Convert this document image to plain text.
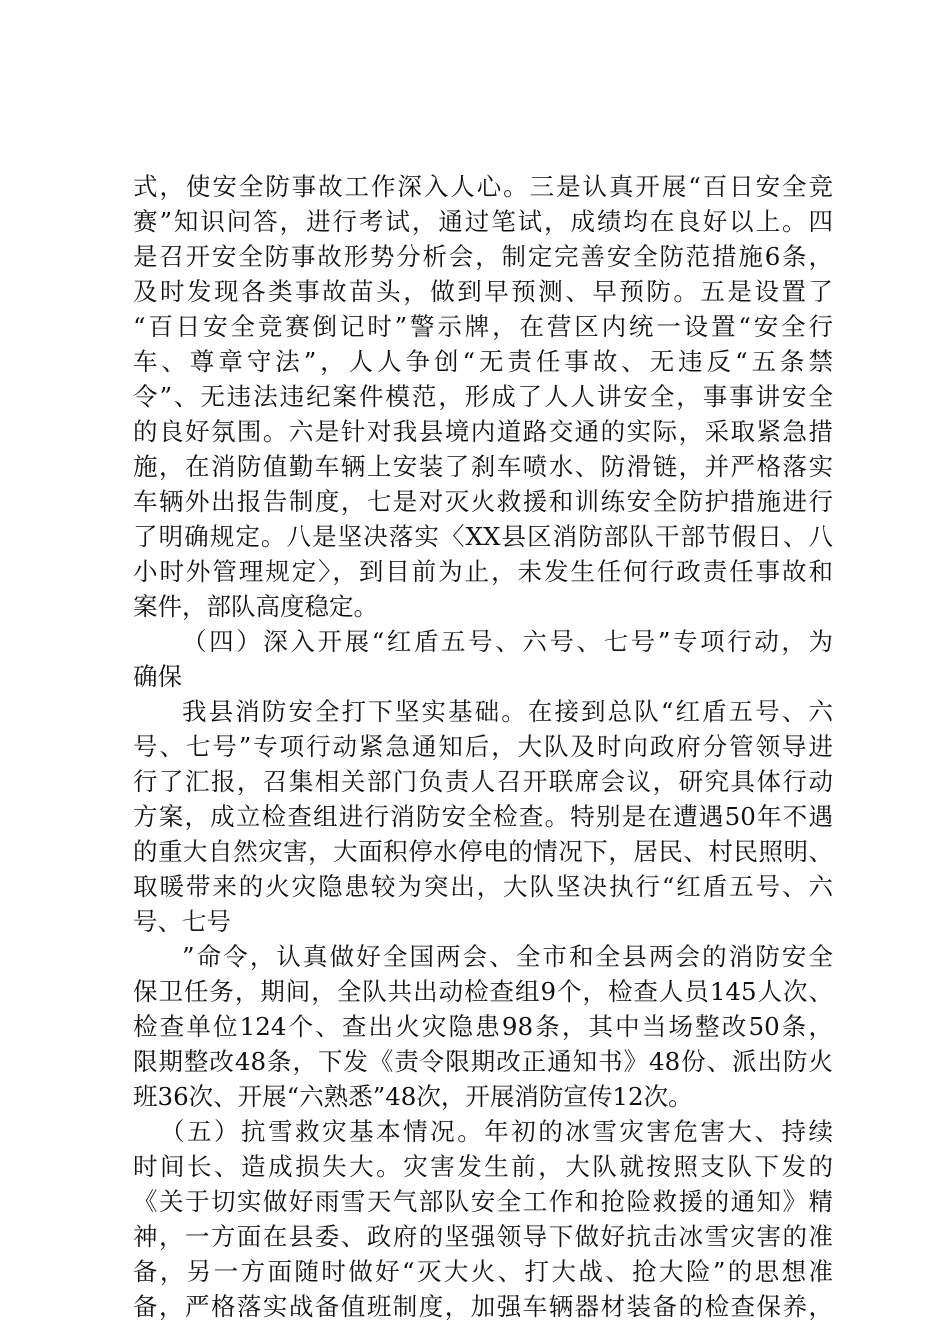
式，使安全防事故工作深入人心。三是认真开展“百日安全竞
赛”知识问答，进行考试，通过笔试，成绩均在良好以上。四
是召开安全防事故形势分析会，制定完善安全防范措施6条，
及时发现各类事故苗头，做到早预测、早预防。五是设置了
“百日安全竞赛倒记时”警示牌，在营区内统一设置“安全行
车、尊章守法”，人人争创“无责任事故、无违反“五条禁
令”、无违法违纪案件模范，形成了人人讲安全，事事讲安全
的良好氛围。六是针对我县境内道路交通的实际，采取紧急措
施，在消防值勤车辆上安装了刹车喷水、防滑链，并严格落实
车辆外出报告制度，七是对灭火救援和训练安全防护措施进行
了明确规定。八是坚决落实〈XX县区消防部队干部节假日、八
小时外管理规定〉，到目前为止，未发生任何行政责任事故和
案件，部队高度稳定。
（四）深入开展“红盾五号、六号、七号”专项行动，为
确保
我县消防安全打下坚实基础。在接到总队“红盾五号、六
号、七号”专项行动紧急通知后，大队及时向政府分管领导进
行了汇报，召集相关部门负责人召开联席会议，研究具体行动
方案，成立检查组进行消防安全检查。特别是在遭遇50年不遇
的重大自然灾害，大面积停水停电的情况下，居民、村民照明、
取暖带来的火灾隐患较为突出，大队坚决执行“红盾五号、六
号、七号
”命令，认真做好全国两会、全市和全县两会的消防安全
保卫任务，期间，全队共出动检查组9个，检查人员145人次、
检查单位124个、查出火灾隐患98条，其中当场整改50条，
限期整改48条，下发《责令限期改正通知书》48份、派出防火
班36次、开展“六熟悉”48次，开展消防宣传12次。
（五）抗雪救灾基本情况。年初的冰雪灾害危害大、持续
时间长、造成损失大。灾害发生前，大队就按照支队下发的
《关于切实做好雨雪天气部队安全工作和抢险救援的通知》精
神，一方面在县委、政府的坚强领导下做好抗击冰雪灾害的准
备，另一方面随时做好“灭大火、打大战、抢大险”的思想准
备，严格落实战备值班制度，加强车辆器材装备的检查保养，
